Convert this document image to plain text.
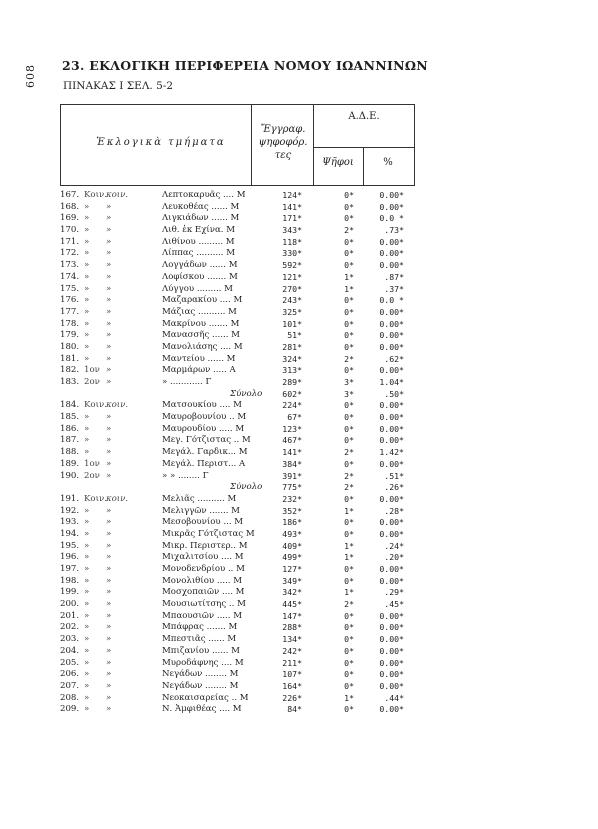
608 23. ΕΚΛΟΓΙΚΗ ΠΕΡΙΦΕΡΕΙΑ ΝΟΜΟΥ ΙΩΑΝΝΙΝΩΝ
ΠΙΝΑΚΑΣ Ι ΣΕΛ. 5-2
Ἐκλογικὰ τμήματα
Ἔγγραφ. ψηφοφόρ. τες
Α.Δ.Ε.
Ψῆφοι	%
167. Κοιν. κοιν.	Λεπτοκαρυᾶς .... Μ	124*	0*	0.00*
168. » »	Λευκοθέας ...... Μ	141*	0*	0.00*
169. » »	Λιγκιάδων ...... Μ	171*	0*	0.0 *
170. » »	Λιθ. ἐκ Εχίνα. Μ	343*	2*	.73*
171. » »	Λιθίνου ......... Μ	118*	0*	0.00*
172. » »	Λίππας .......... Μ	330*	0*	0.00*
173. » »	Λογγάδων ...... Μ	592*	0*	0.00*
174. » »	Λοφίσκου ....... Μ	121*	1*	.87*
175. » »	Λύγγου ......... Μ	270*	1*	.37*
176. » »	Μαζαρακίου .... Μ	243*	0*	0.0 *
177. » »	Μάζιας .......... Μ	325*	0*	0.00*
178. » »	Μακρίνου ....... Μ	101*	0*	0.00*
179. » »	Μανασσῆς ...... Μ	51*	0*	0.00*
180. » »	Μανολιάσης .... Μ	281*	0*	0.00*
181. » »	Μαντείου ...... Μ	324*	2*	.62*
182. 1ον »	Μαρμάρων ..... Α	313*	0*	0.00*
183. 2ον »	» ............ Γ	289*	3*	1.04*
Σύνολο	602*	3*	.50*
184. Κοιν. κοιν.	Ματσουκίου .... Μ	224*	0*	0.00*
185. » »	Μαυροβουνίου .. Μ	67*	0*	0.00*
186. » »	Μαυρουδίου ..... Μ	123*	0*	0.00*
187. » »	Μεγ. Γότζιστας .. Μ	467*	0*	0.00*
188. » »	Μεγάλ. Γαρδικ... Μ	141*	2*	1.42*
189. 1ον »	Μεγάλ. Περιστ... Α	384*	0*	0.00*
190. 2ον »	» » ........ Γ	391*	2*	.51*
Σύνολο	775*	2*	.26*
191. Κοιν. κοιν.	Μελιᾶς .......... Μ	232*	0*	0.00*
192. » »	Μελιγγῶν ....... Μ	352*	1*	.28*
193. » »	Μεσοβουνίου ... Μ	186*	0*	0.00*
194. » »	Μικρᾶς Γότζιστας Μ	493*	0*	0.00*
195. » »	Μικρ. Περιστερ.. Μ	409*	1*	.24*
196. » »	Μιχαλιτσίου .... Μ	499*	1*	.20*
197. » »	Μονοδενδρίου .. Μ	127*	0*	0.00*
198. » »	Μονολιθίου ..... Μ	349*	0*	0.00*
199. » »	Μοσχοπαιῶν .... Μ	342*	1*	.29*
200. » »	Μουσιωτίτσης .. Μ	445*	2*	.45*
201. » »	Μπαουσιῶν ..... Μ	147*	0*	0.00*
202. » »	Μπάφρας ....... Μ	288*	0*	0.00*
203. » »	Μπεστιᾶς ...... Μ	134*	0*	0.00*
204. » »	Μπιζανίου ...... Μ	242*	0*	0.00*
205. » »	Μυροδάφνης .... Μ	211*	0*	0.00*
206. » »	Νεγάδων ........ Μ	107*	0*	0.00*
207. » »	Νεγάδων ........ Μ	164*	0*	0.00*
208. » »	Νεοκαισαρείας .. Μ	226*	1*	.44*
209. » »	Ν. Ἀμφιθέας .... Μ	84*	0*	0.00*
